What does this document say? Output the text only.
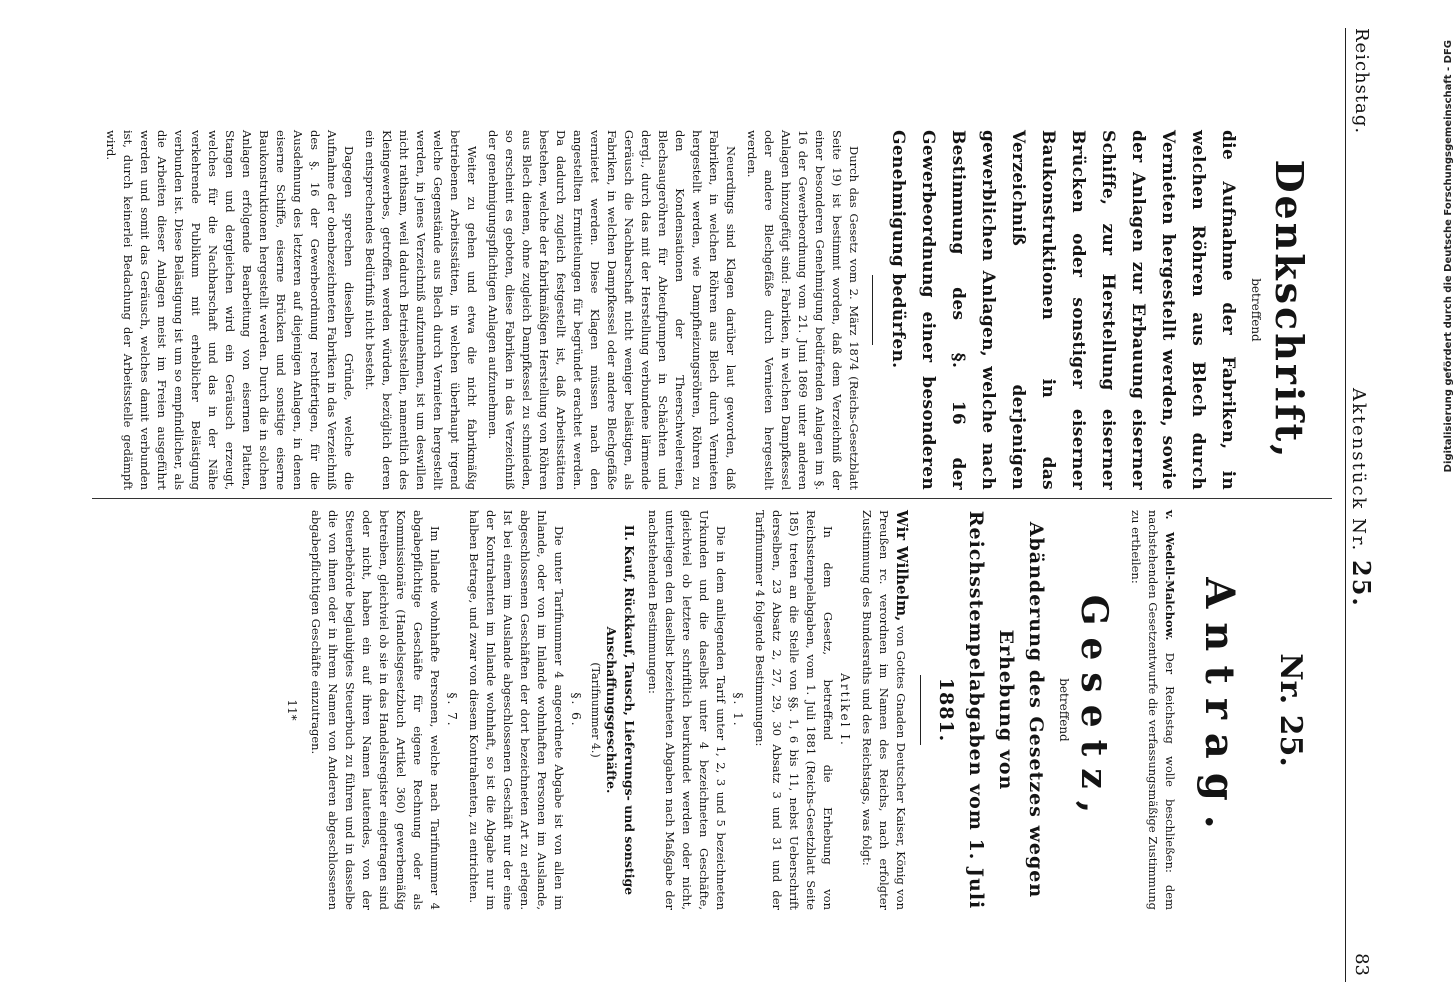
Reichstag.
Aktenstück Nr. 25.
83
Denkschrift,
betreffend
die Aufnahme der Fabriken, in welchen Röhren aus Blech durch Vernieten hergestellt werden, sowie der Anlagen zur Erbauung eiserner Schiffe, zur Herstellung eiserner Brücken oder sonstiger eiserner Baukonstruktionen in das Verzeichniß derjenigen gewerblichen Anlagen, welche nach Bestimmung des §. 16 der Gewerbeordnung einer besonderen Genehmigung bedürfen.

Durch das Gesetz vom 2. März 1874 (Reichs-Gesetzblatt Seite 19) ist bestimmt worden, daß dem Verzeichniß der einer besonderen Genehmigung bedürfenden Anlagen im §. 16 der Gewerbeordnung vom 21. Juni 1869 unter anderen Anlagen hinzugefügt sind: Fabriken, in welchen Dampfkessel oder andere Blechgefäße durch Vernieten hergestellt werden.

Neuerdings sind Klagen darüber laut geworden, daß Fabriken, in welchen Röhren aus Blech durch Vernieten hergestellt werden, wie Dampfheizungsröhren, Röhren zu den Kondensationen der Theerschwelereien, Blechsaugeröhren für Abteufpumpen in Schächten und dergl., durch das mit der Herstellung verbundene lärmende Geräusch die Nachbarschaft nicht weniger belästigen, als Fabriken, in welchen Dampfkessel oder andere Blechgefäße vernietet werden. Diese Klagen müssen nach den angestellten Ermittelungen für begründet erachtet werden. Da dadurch zugleich festgestellt ist, daß Arbeitsstätten bestehen, welche der fabrikmäßigen Herstellung von Röhren aus Blech dienen, ohne zugleich Dampfkessel zu schmieden, so erscheint es geboten, diese Fabriken in das Verzeichniß der genehmigungspflichtigen Anlagen aufzunehmen.

Weiter zu gehen und etwa die nicht fabrikmäßig betriebenen Arbeitsstätten, in welchen überhaupt irgend welche Gegenstände aus Blech durch Vernieten hergestellt werden, in jenes Verzeichniß aufzunehmen, ist um deswillen nicht rathsam, weil dadurch Betriebsstellen, namentlich des Kleingewerbes, getroffen werden würden, bezüglich deren ein entsprechendes Bedürfniß nicht besteht.

Dagegen sprechen dieselben Gründe, welche die Aufnahme der obenbezeichneten Fabriken in das Verzeichniß des §. 16 der Gewerbeordnung rechtfertigen, für die Ausdehnung des letzteren auf diejenigen Anlagen, in denen eiserne Schiffe, eiserne Brücken und sonstige eiserne Baukonstruktionen hergestellt werden. Durch die in solchen Anlagen erfolgende Bearbeitung von eisernen Platten, Stangen und dergleichen wird ein Geräusch erzeugt, welches für die Nachbarschaft und das in der Nähe verkehrende Publikum mit erheblicher Belästigung verbunden ist. Diese Belästigung ist um so empfindlicher, als die Arbeiten dieser Anlagen meist im Freien ausgeführt werden und somit das Geräusch, welches damit verbunden ist, durch keinerlei Bedachung der Arbeitsstelle gedämpft wird.

Nr. 25.
Antrag.

v. Wedell-Malchow. Der Reichstag wolle beschließen: dem nachstehenden Gesetzentwurfe die verfassungsmäßige Zustimmung zu ertheilen:

Gesetz,
betreffend
Abänderung des Gesetzes wegen Erhebung von Reichsstempelabgaben vom 1. Juli 1881.

Wir Wilhelm, von Gottes Gnaden Deutscher Kaiser, König von Preußen rc. verordnen im Namen des Reichs, nach erfolgter Zustimmung des Bundesraths und des Reichstags, was folgt:

Artikel I.

In dem Gesetz, betreffend die Erhebung von Reichsstempelabgaben, vom 1. Juli 1881 (Reichs-Gesetzblatt Seite 185) treten an die Stelle von §§. 1, 6 bis 11, nebst Ueberschrift derselben, 23 Absatz 2, 27, 29, 30 Absatz 3 und 31 und der Tarifnummer 4 folgende Bestimmungen:

§. 1.

Die in dem anliegenden Tarif unter 1, 2, 3 und 5 bezeichneten Urkunden und die daselbst unter 4 bezeichneten Geschäfte, gleichviel ob letztere schriftlich beurkundet werden oder nicht, unterliegen den daselbst bezeichneten Abgaben nach Maßgabe der nachstehenden Bestimmungen:

II. Kauf, Rückkauf, Tausch, Lieferungs- und sonstige Anschaffungsgeschäfte.
(Tarifnummer 4.)
§. 6.

Die unter Tarifnummer 4 angeordnete Abgabe ist von allen im Inlande, oder von im Inlande wohnhaften Personen im Auslande, abgeschlossenen Geschäften der dort bezeichneten Art zu erlegen. Ist bei einem im Auslande abgeschlossenen Geschäft nur der eine der Kontrahenten im Inlande wohnhaft, so ist die Abgabe nur im halben Betrage, und zwar von diesem Kontrahenten, zu entrichten.

§. 7.

Im Inlande wohnhafte Personen, welche nach Tarifnummer 4 abgabepflichtige Geschäfte für eigene Rechnung oder als Kommissionäre (Handelsgesetzbuch Artikel 360) gewerbemäßig betreiben, gleichviel ob sie in das Handelsregister eingetragen sind oder nicht, haben ein auf ihren Namen lautendes, von der Steuerbehörde beglaubigtes Steuerbuch zu führen und in dasselbe die von ihnen oder in ihrem Namen von Anderen abgeschlossenen abgabepflichtigen Geschäfte einzutragen.

11*
Digitalisierung gefördert durch die Deutsche Forschungsgemeinschaft - DFG
